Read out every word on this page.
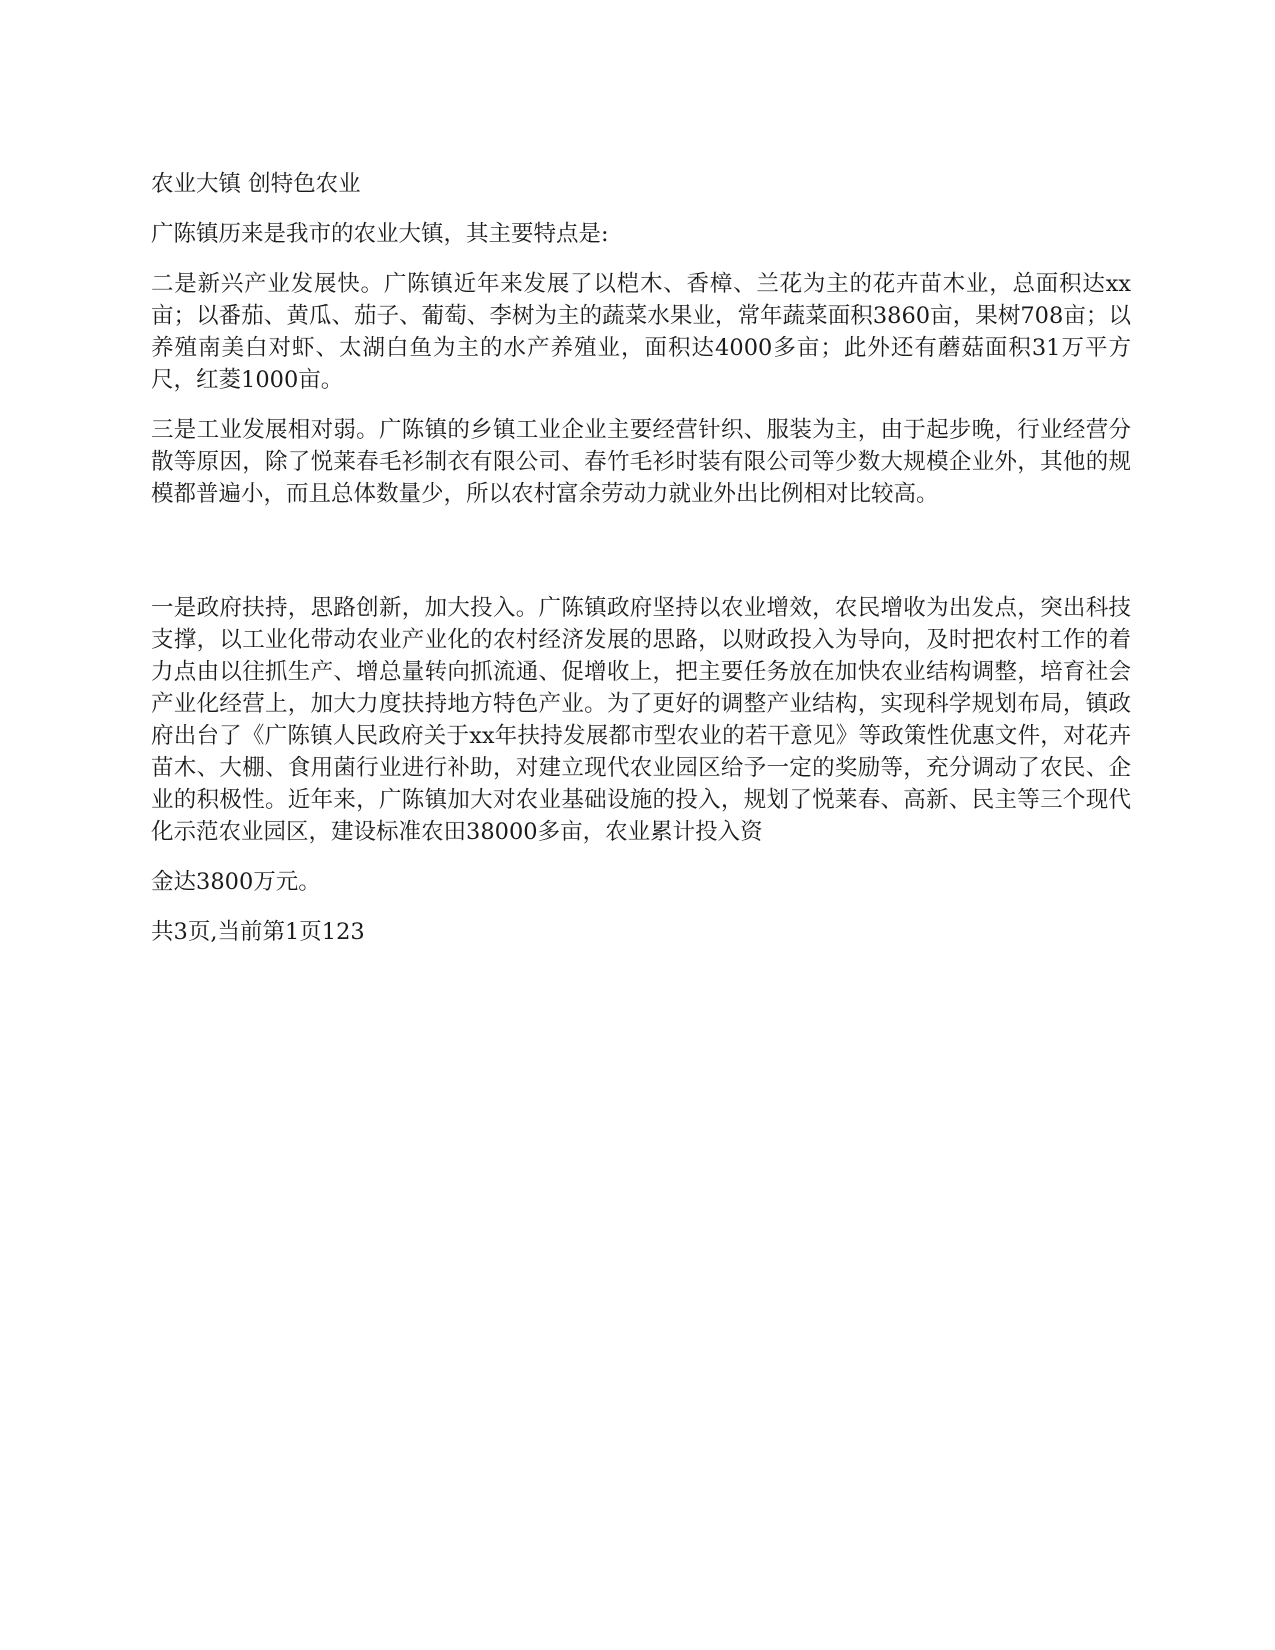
农业大镇 创特色农业

广陈镇历来是我市的农业大镇，其主要特点是:

二是新兴产业发展快。广陈镇近年来发展了以桤木、香樟、兰花为主的花卉苗木业，总面积达xx亩；以番茄、黄瓜、茄子、葡萄、李树为主的蔬菜水果业，常年蔬菜面积3860亩，果树708亩；以养殖南美白对虾、太湖白鱼为主的水产养殖业，面积达4000多亩；此外还有蘑菇面积31万平方尺，红菱1000亩。

三是工业发展相对弱。广陈镇的乡镇工业企业主要经营针织、服装为主，由于起步晚，行业经营分散等原因，除了悦莱春毛衫制衣有限公司、春竹毛衫时装有限公司等少数大规模企业外，其他的规模都普遍小，而且总体数量少，所以农村富余劳动力就业外出比例相对比较高。

一是政府扶持，思路创新，加大投入。广陈镇政府坚持以农业增效，农民增收为出发点，突出科技支撑，以工业化带动农业产业化的农村经济发展的思路，以财政投入为导向，及时把农村工作的着力点由以往抓生产、增总量转向抓流通、促增收上，把主要任务放在加快农业结构调整，培育社会产业化经营上，加大力度扶持地方特色产业。为了更好的调整产业结构，实现科学规划布局，镇政府出台了《广陈镇人民政府关于xx年扶持发展都市型农业的若干意见》等政策性优惠文件，对花卉苗木、大棚、食用菌行业进行补助，对建立现代农业园区给予一定的奖励等，充分调动了农民、企业的积极性。近年来，广陈镇加大对农业基础设施的投入，规划了悦莱春、高新、民主等三个现代化示范农业园区，建设标准农田38000多亩，农业累计投入资

金达3800万元。

共3页,当前第1页123
